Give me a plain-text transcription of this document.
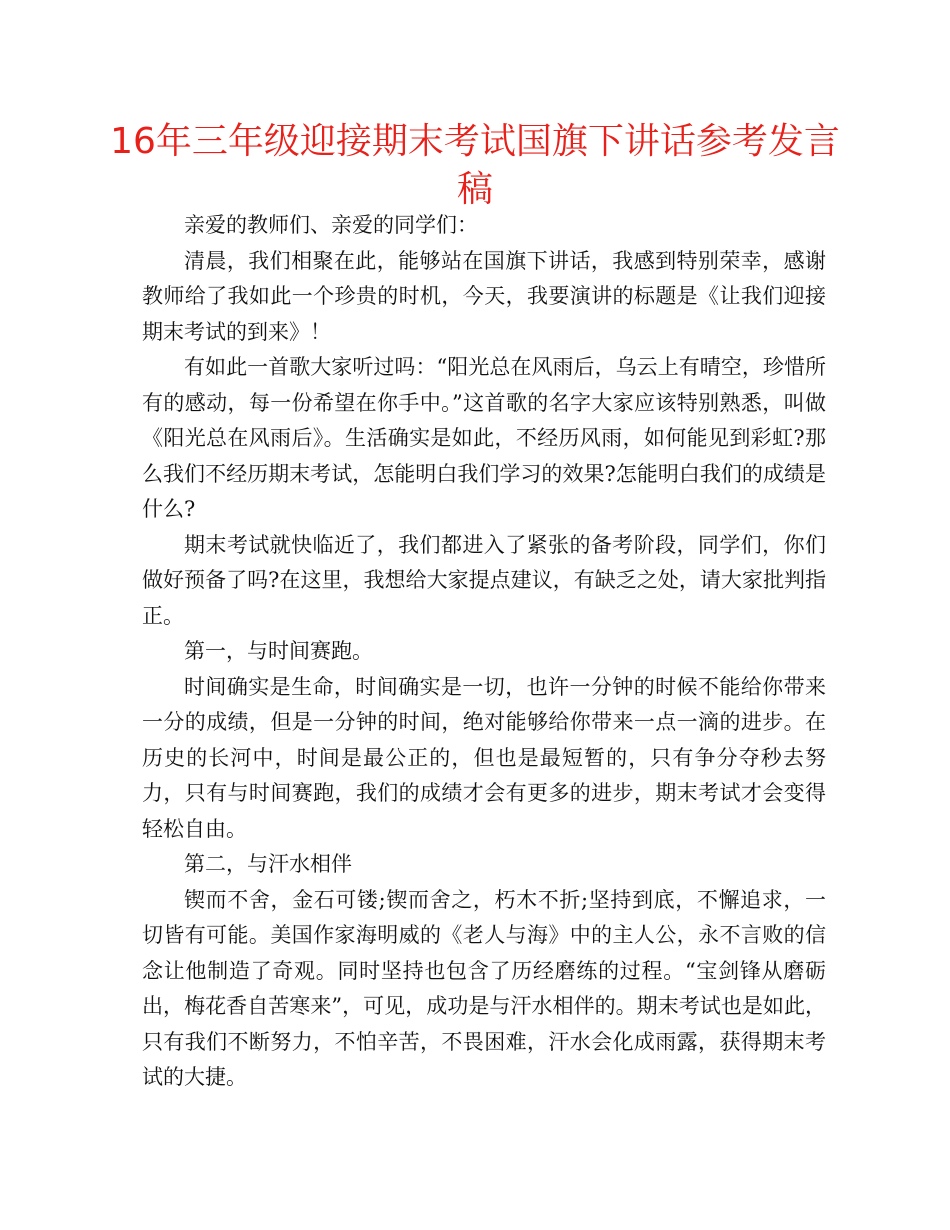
16年三年级迎接期末考试国旗下讲话参考发言稿

亲爱的教师们、亲爱的同学们：

清晨，我们相聚在此，能够站在国旗下讲话，我感到特别荣幸，感谢教师给了我如此一个珍贵的时机，今天，我要演讲的标题是《让我们迎接期末考试的到来》！

有如此一首歌大家听过吗：“阳光总在风雨后，乌云上有晴空，珍惜所有的感动，每一份希望在你手中。”这首歌的名字大家应该特别熟悉，叫做《阳光总在风雨后》。生活确实是如此，不经历风雨，如何能见到彩虹?那么我们不经历期末考试，怎能明白我们学习的效果?怎能明白我们的成绩是什么?

期末考试就快临近了，我们都进入了紧张的备考阶段，同学们，你们做好预备了吗?在这里，我想给大家提点建议，有缺乏之处，请大家批判指正。

第一，与时间赛跑。

时间确实是生命，时间确实是一切，也许一分钟的时候不能给你带来一分的成绩，但是一分钟的时间，绝对能够给你带来一点一滴的进步。在历史的长河中，时间是最公正的，但也是最短暂的，只有争分夺秒去努力，只有与时间赛跑，我们的成绩才会有更多的进步，期末考试才会变得轻松自由。

第二，与汗水相伴

锲而不舍，金石可镂;锲而舍之，朽木不折;坚持到底，不懈追求，一切皆有可能。美国作家海明威的《老人与海》中的主人公，永不言败的信念让他制造了奇观。同时坚持也包含了历经磨练的过程。“宝剑锋从磨砺出，梅花香自苦寒来”，可见，成功是与汗水相伴的。期末考试也是如此，只有我们不断努力，不怕辛苦，不畏困难，汗水会化成雨露，获得期末考试的大捷。
